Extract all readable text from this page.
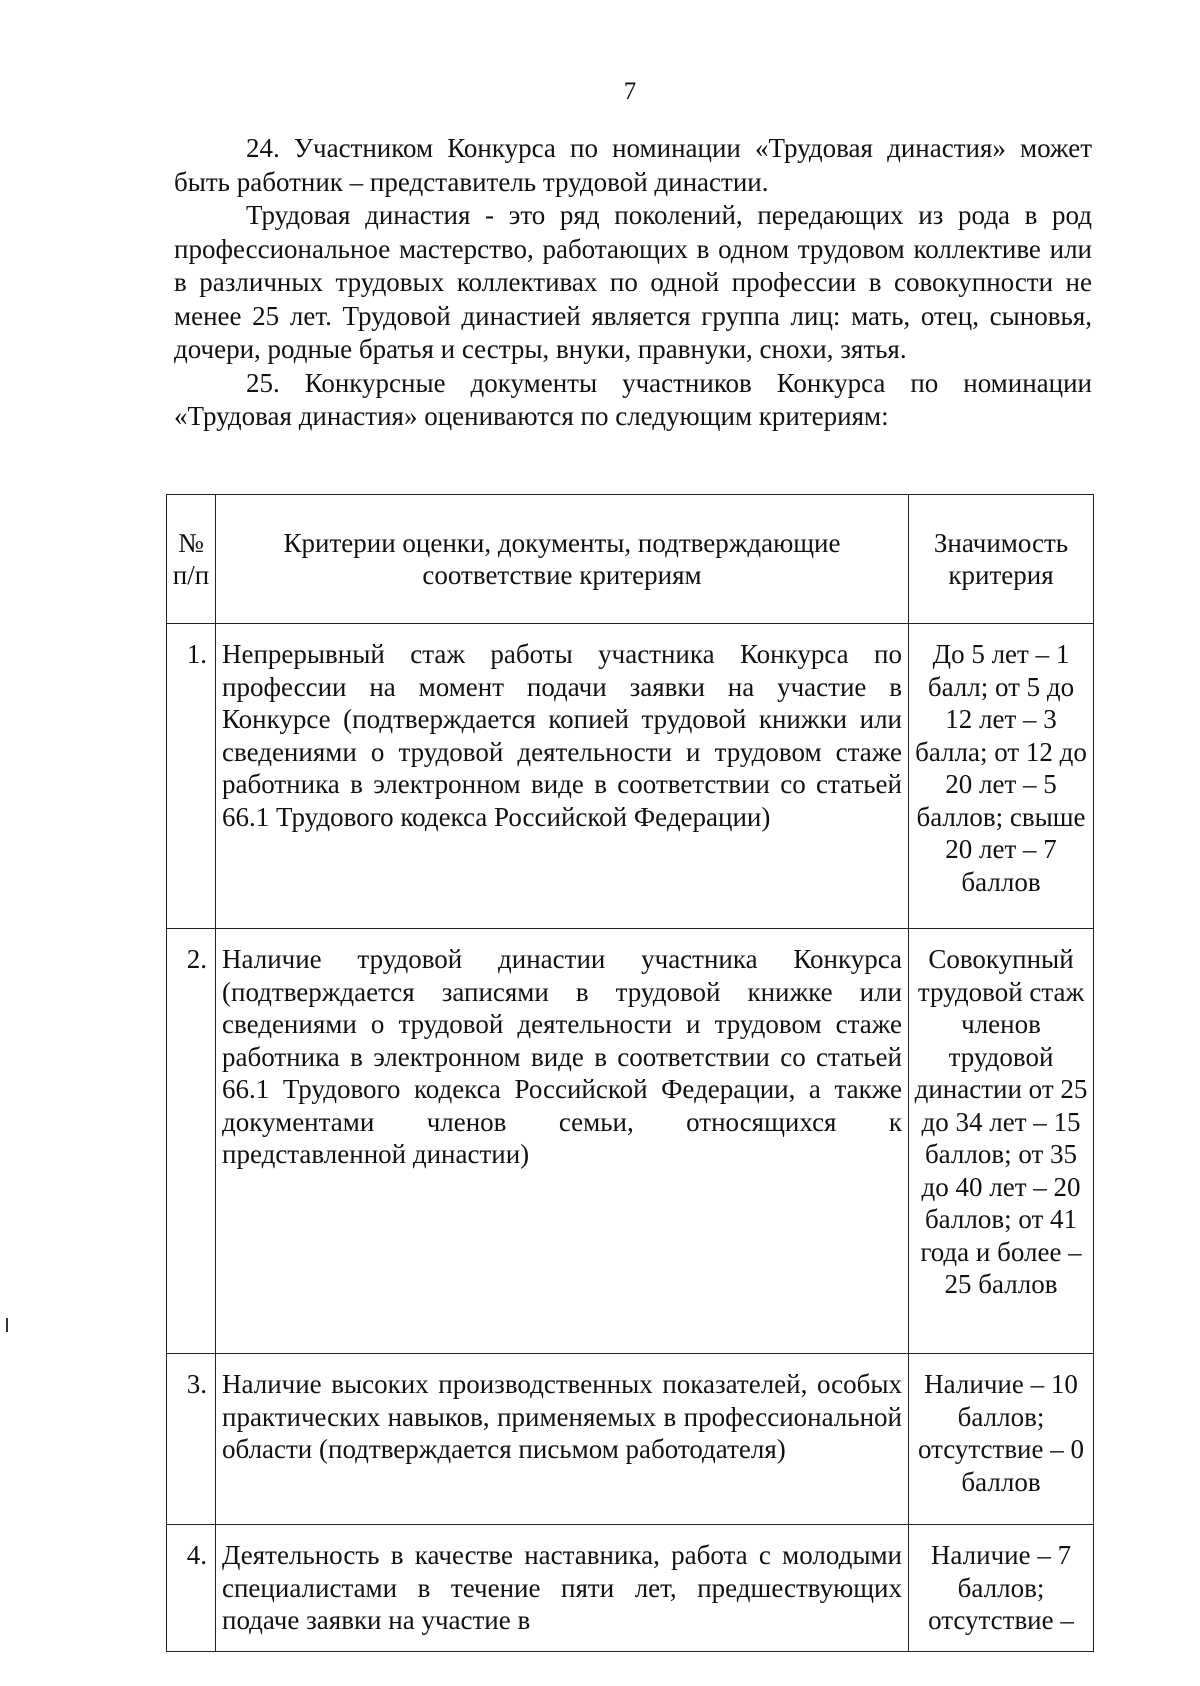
7

24. Участником Конкурса по номинации «Трудовая династия» может быть работник – представитель трудовой династии.

Трудовая династия - это ряд поколений, передающих из рода в род профессиональное мастерство, работающих в одном трудовом коллективе или в различных трудовых коллективах по одной профессии в совокупности не менее 25 лет. Трудовой династией является группа лиц: мать, отец, сыновья, дочери, родные братья и сестры, внуки, правнуки, снохи, зятья.

25. Конкурсные документы участников Конкурса по номинации «Трудовая династия» оцениваются по следующим критериям:

№ п/п	Критерии оценки, документы, подтверждающие соответствие критериям	Значимость критерия
1.	Непрерывный стаж работы участника Конкурса по профессии на момент подачи заявки на участие в Конкурсе (подтверждается копией трудовой книжки или сведениями о трудовой деятельности и трудовом стаже работника в электронном виде в соответствии со статьей 66.1 Трудового кодекса Российской Федерации)	До 5 лет – 1 балл; от 5 до 12 лет – 3 балла; от 12 до 20 лет – 5 баллов; свыше 20 лет – 7 баллов
2.	Наличие трудовой династии участника Конкурса (подтверждается записями в трудовой книжке или сведениями о трудовой деятельности и трудовом стаже работника в электронном виде в соответствии со статьей 66.1 Трудового кодекса Российской Федерации, а также документами членов семьи, относящихся к представленной династии)	Совокупный трудовой стаж членов трудовой династии от 25 до 34 лет – 15 баллов; от 35 до 40 лет – 20 баллов; от 41 года и более – 25 баллов
3.	Наличие высоких производственных показателей, особых практических навыков, применяемых в профессиональной области (подтверждается письмом работодателя)	Наличие – 10 баллов; отсутствие – 0 баллов
4.	Деятельность в качестве наставника, работа с молодыми специалистами в течение пяти лет, предшествующих подаче заявки на участие в	Наличие – 7 баллов; отсутствие –
